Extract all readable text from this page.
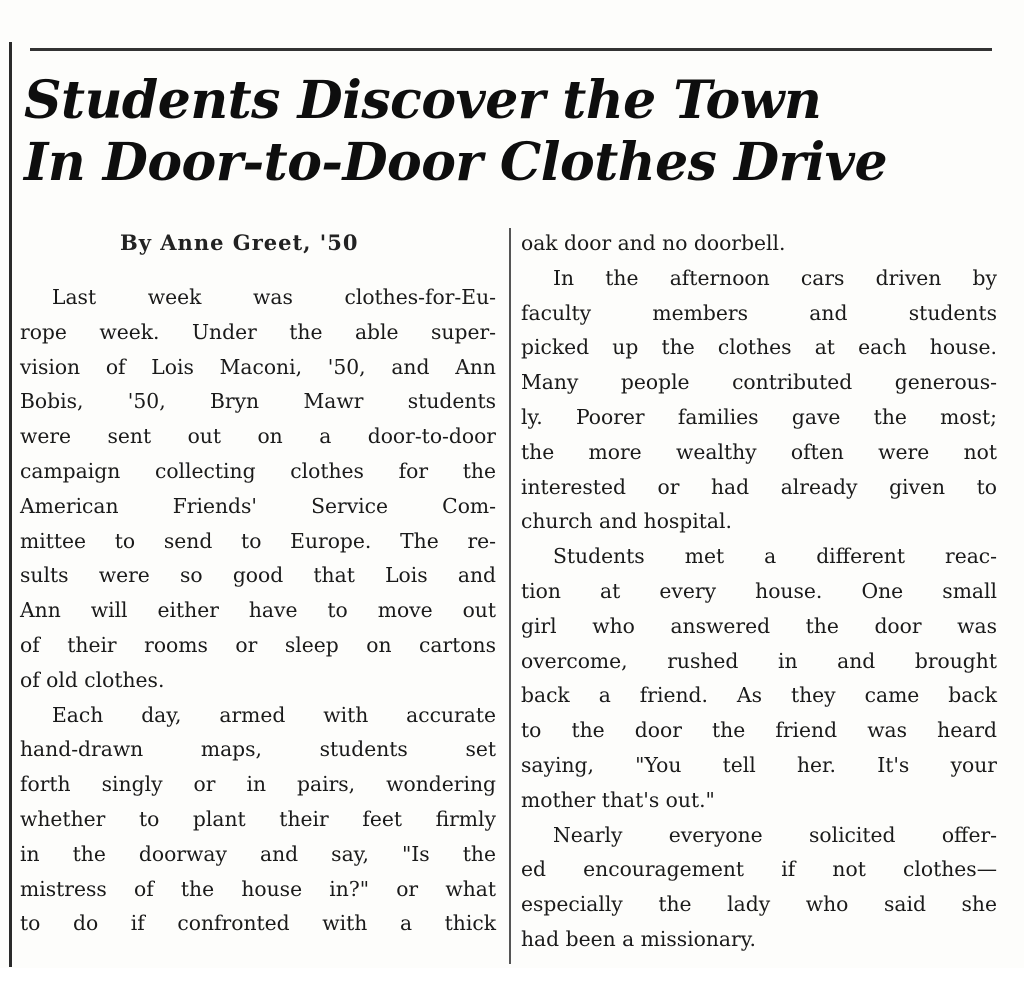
Students Discover the Town
In Door-to-Door Clothes Drive
By Anne Greet, '50
Last week was clothes-for-Eu-
rope week. Under the able super-
vision of Lois Maconi, '50, and Ann
Bobis, '50, Bryn Mawr students
were sent out on a door-to-door
campaign collecting clothes for the
American Friends' Service Com-
mittee to send to Europe. The re-
sults were so good that Lois and
Ann will either have to move out
of their rooms or sleep on cartons
of old clothes.
Each day, armed with accurate
hand-drawn maps, students set
forth singly or in pairs, wondering
whether to plant their feet firmly
in the doorway and say, "Is the
mistress of the house in?" or what
to do if confronted with a thick
oak door and no doorbell.
In the afternoon cars driven by
faculty members and students
picked up the clothes at each house.
Many people contributed generous-
ly. Poorer families gave the most;
the more wealthy often were not
interested or had already given to
church and hospital.
Students met a different reac-
tion at every house. One small
girl who answered the door was
overcome, rushed in and brought
back a friend. As they came back
to the door the friend was heard
saying, "You tell her. It's your
mother that's out."
Nearly everyone solicited offer-
ed encouragement if not clothes—
especially the lady who said she
had been a missionary.
